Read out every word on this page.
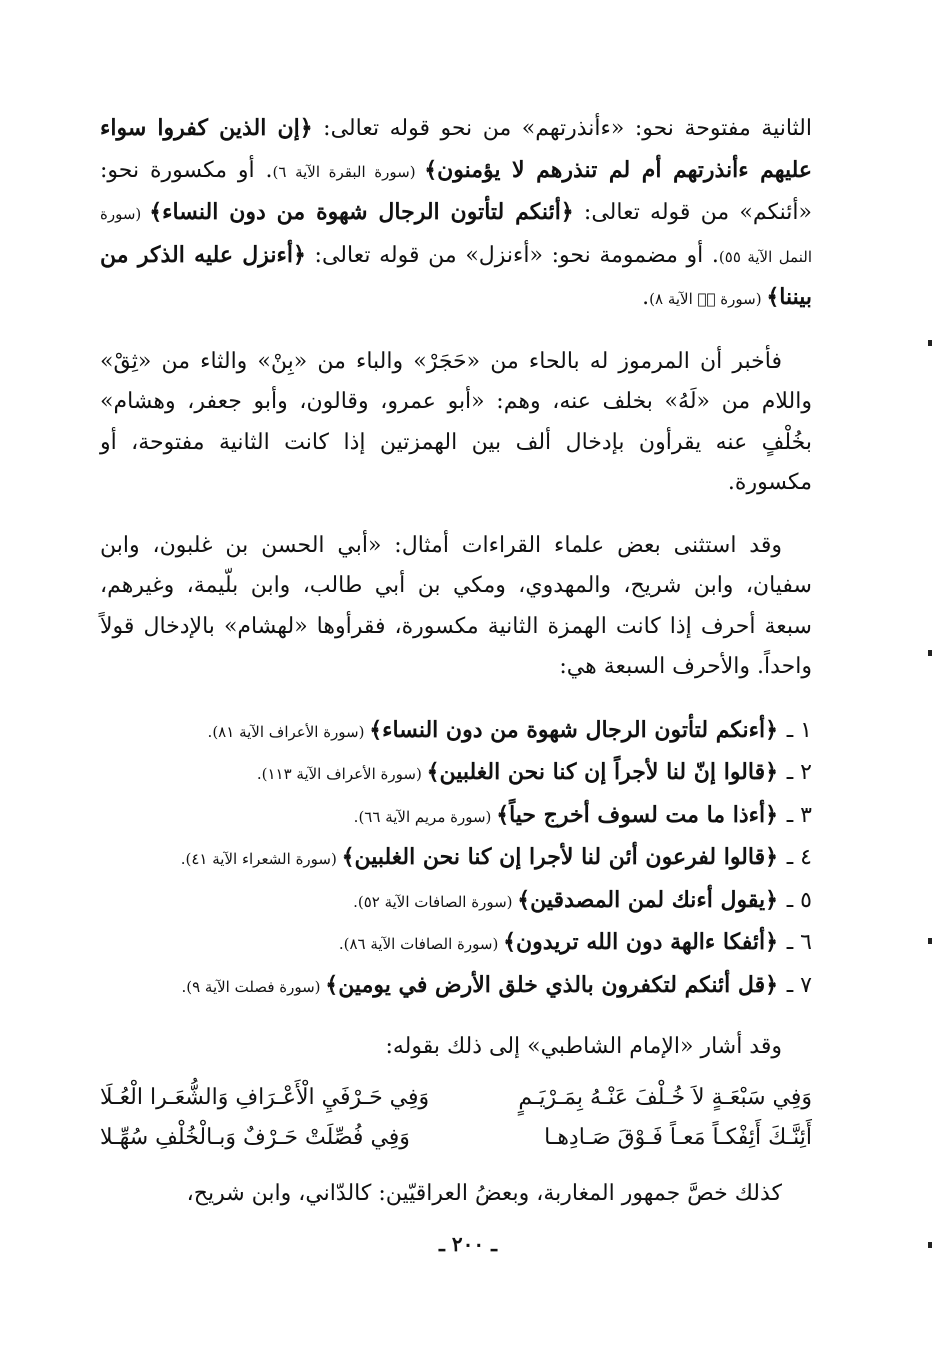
الثانية مفتوحة نحو: «ءأنذرتهم» من نحو قوله تعالى: ﴿إن الذين كفروا سواء عليهم ءأنذرتهم أم لم تنذرهم لا يؤمنون﴾ (سورة البقرة الآية ٦). أو مكسورة نحو: «أئنكم» من قوله تعالى: ﴿أئنكم لتأتون الرجال شهوة من دون النساء﴾ (سورة النمل الآية ٥٥). أو مضمومة نحو: «أءنزل» من قوله تعالى: ﴿أءنزل عليه الذكر من بيننا﴾ (سورة صۤ الآية ٨).

فأخبر أن المرموز له بالحاء من «حَجَرْ» والباء من «بِنْ» والثاء من «ثِقْ» واللام من «لَهُ» بخلف عنه، وهم: «أبو عمرو، وقالون، وأبو جعفر، وهشام» بخُلْفٍ عنه يقرأون بإدخال ألف بين الهمزتين إذا كانت الثانية مفتوحة، أو مكسورة.

وقد استثنى بعض علماء القراءات أمثال: «أبي الحسن بن غلبون، وابن سفيان، وابن شريح، والمهدوي، ومكي بن أبي طالب، وابن بلّيمة، وغيرهم، سبعة أحرف إذا كانت الهمزة الثانية مكسورة، فقرأوها «لهشام» بالإدخال قولاً واحداً. والأحرف السبعة هي:

١ ـ﴿أءنكم لتأتون الرجال شهوة من دون النساء﴾ (سورة الأعراف الآية ٨١).
٢ ـ﴿قالوا إنّ لنا لأجراً إن كنا نحن الغلبين﴾ (سورة الأعراف الآية ١١٣).
٣ ـ﴿أءذا ما مت لسوف أخرج حياً﴾ (سورة مريم الآية ٦٦).
٤ ـ﴿قالوا لفرعون أئن لنا لأجرا إن كنا نحن الغلبين﴾ (سورة الشعراء الآية ٤١).
٥ ـ﴿يقول أءنك لمن المصدقين﴾ (سورة الصافات الآية ٥٢).
٦ ـ﴿أئفكا ءالهة دون الله تريدون﴾ (سورة الصافات الآية ٨٦).
٧ ـ﴿قل أئنكم لتكفرون بالذي خلق الأرض في يومين﴾ (سورة فصلت الآية ٩).

وقد أشار «الإمام الشاطبي» إلى ذلك بقوله:

وَفِي سَبْعَـةٍ لاَ خُـلْفَ عَنْـهُ بِمَـرْيَـمٍ
وَفِي حَـرْفَيِ الْأَعْـرَافِ وَالشُّعَـرا الْعُـلَا
أَئِنَّـكَ أَئِفْكـاً مَعـاً فَـوْقَ صَـادِهـا
وَفِي فُصِّلَتْ حَـرْفٌ وَبـالْخُلْفِ سُهِّـلا

كذلك خصَّ جمهور المغاربة، وبعضُ العراقيّين: كالدّاني، وابن شريح،

ـ ٢٠٠ ـ
